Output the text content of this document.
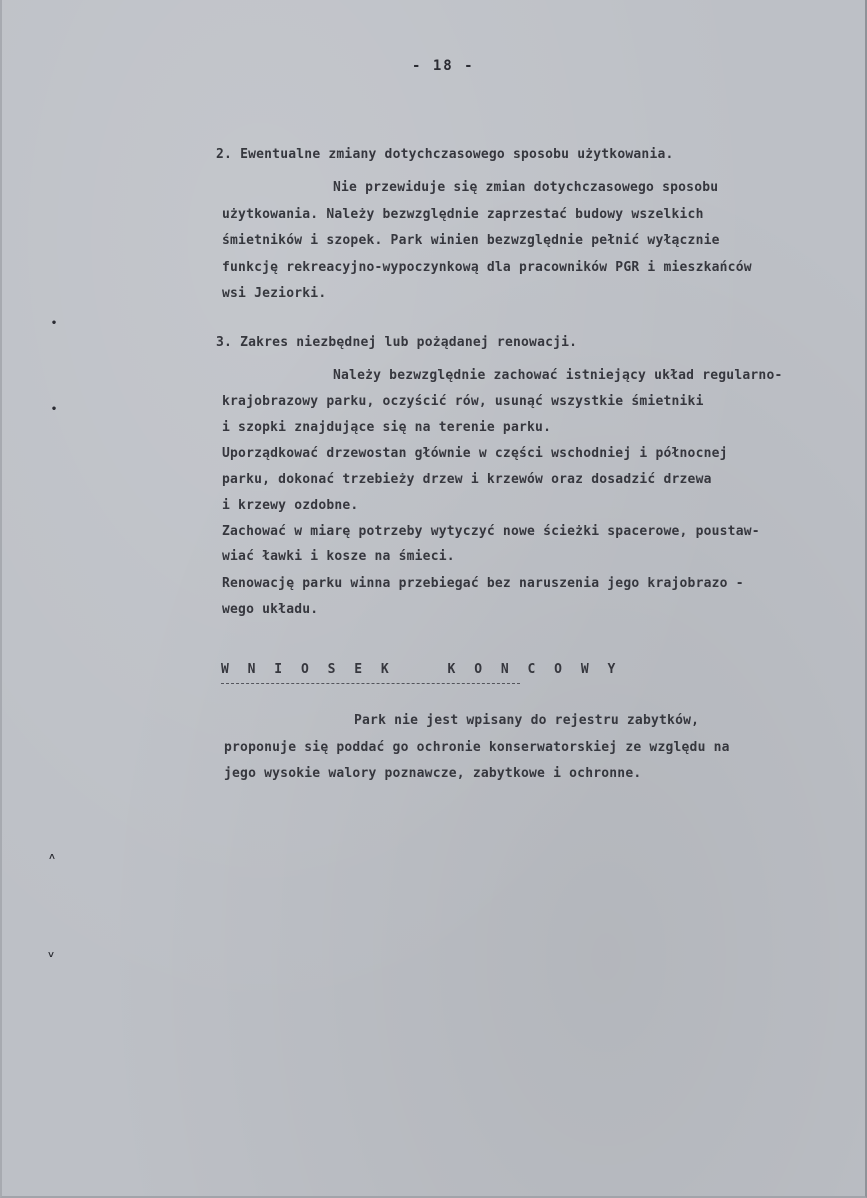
- 18 -
2. Ewentualne zmiany dotychczasowego sposobu użytkowania.
Nie przewiduje się zmian dotychczasowego sposobu
użytkowania. Należy bezwzględnie zaprzestać budowy wszelkich
śmietników i szopek. Park winien bezwzględnie pełnić wyłącznie
funkcję rekreacyjno-wypoczynkową dla pracowników PGR i mieszkańców
wsi Jeziorki.
3. Zakres niezbędnej lub pożądanej renowacji.
Należy bezwzględnie zachować istniejący układ regularno-
krajobrazowy parku, oczyścić rów, usunąć wszystkie śmietniki
i szopki znajdujące się na terenie parku.
Uporządkować drzewostan głównie w części wschodniej i północnej
parku, dokonać trzebieży drzew i krzewów oraz dosadzić drzewa
i krzewy ozdobne.
Zachować w miarę potrzeby wytyczyć nowe ścieżki spacerowe, poustaw-
wiać ławki i kosze na śmieci.
Renowację parku winna przebiegać bez naruszenia jego krajobrazo -
wego układu.
W N I O S E K    K O N C O W Y
Park nie jest wpisany do rejestru zabytków,
proponuje się poddać go ochronie konserwatorskiej ze względu na
jego wysokie walory poznawcze, zabytkowe i ochronne.
•
•
˄
˅
